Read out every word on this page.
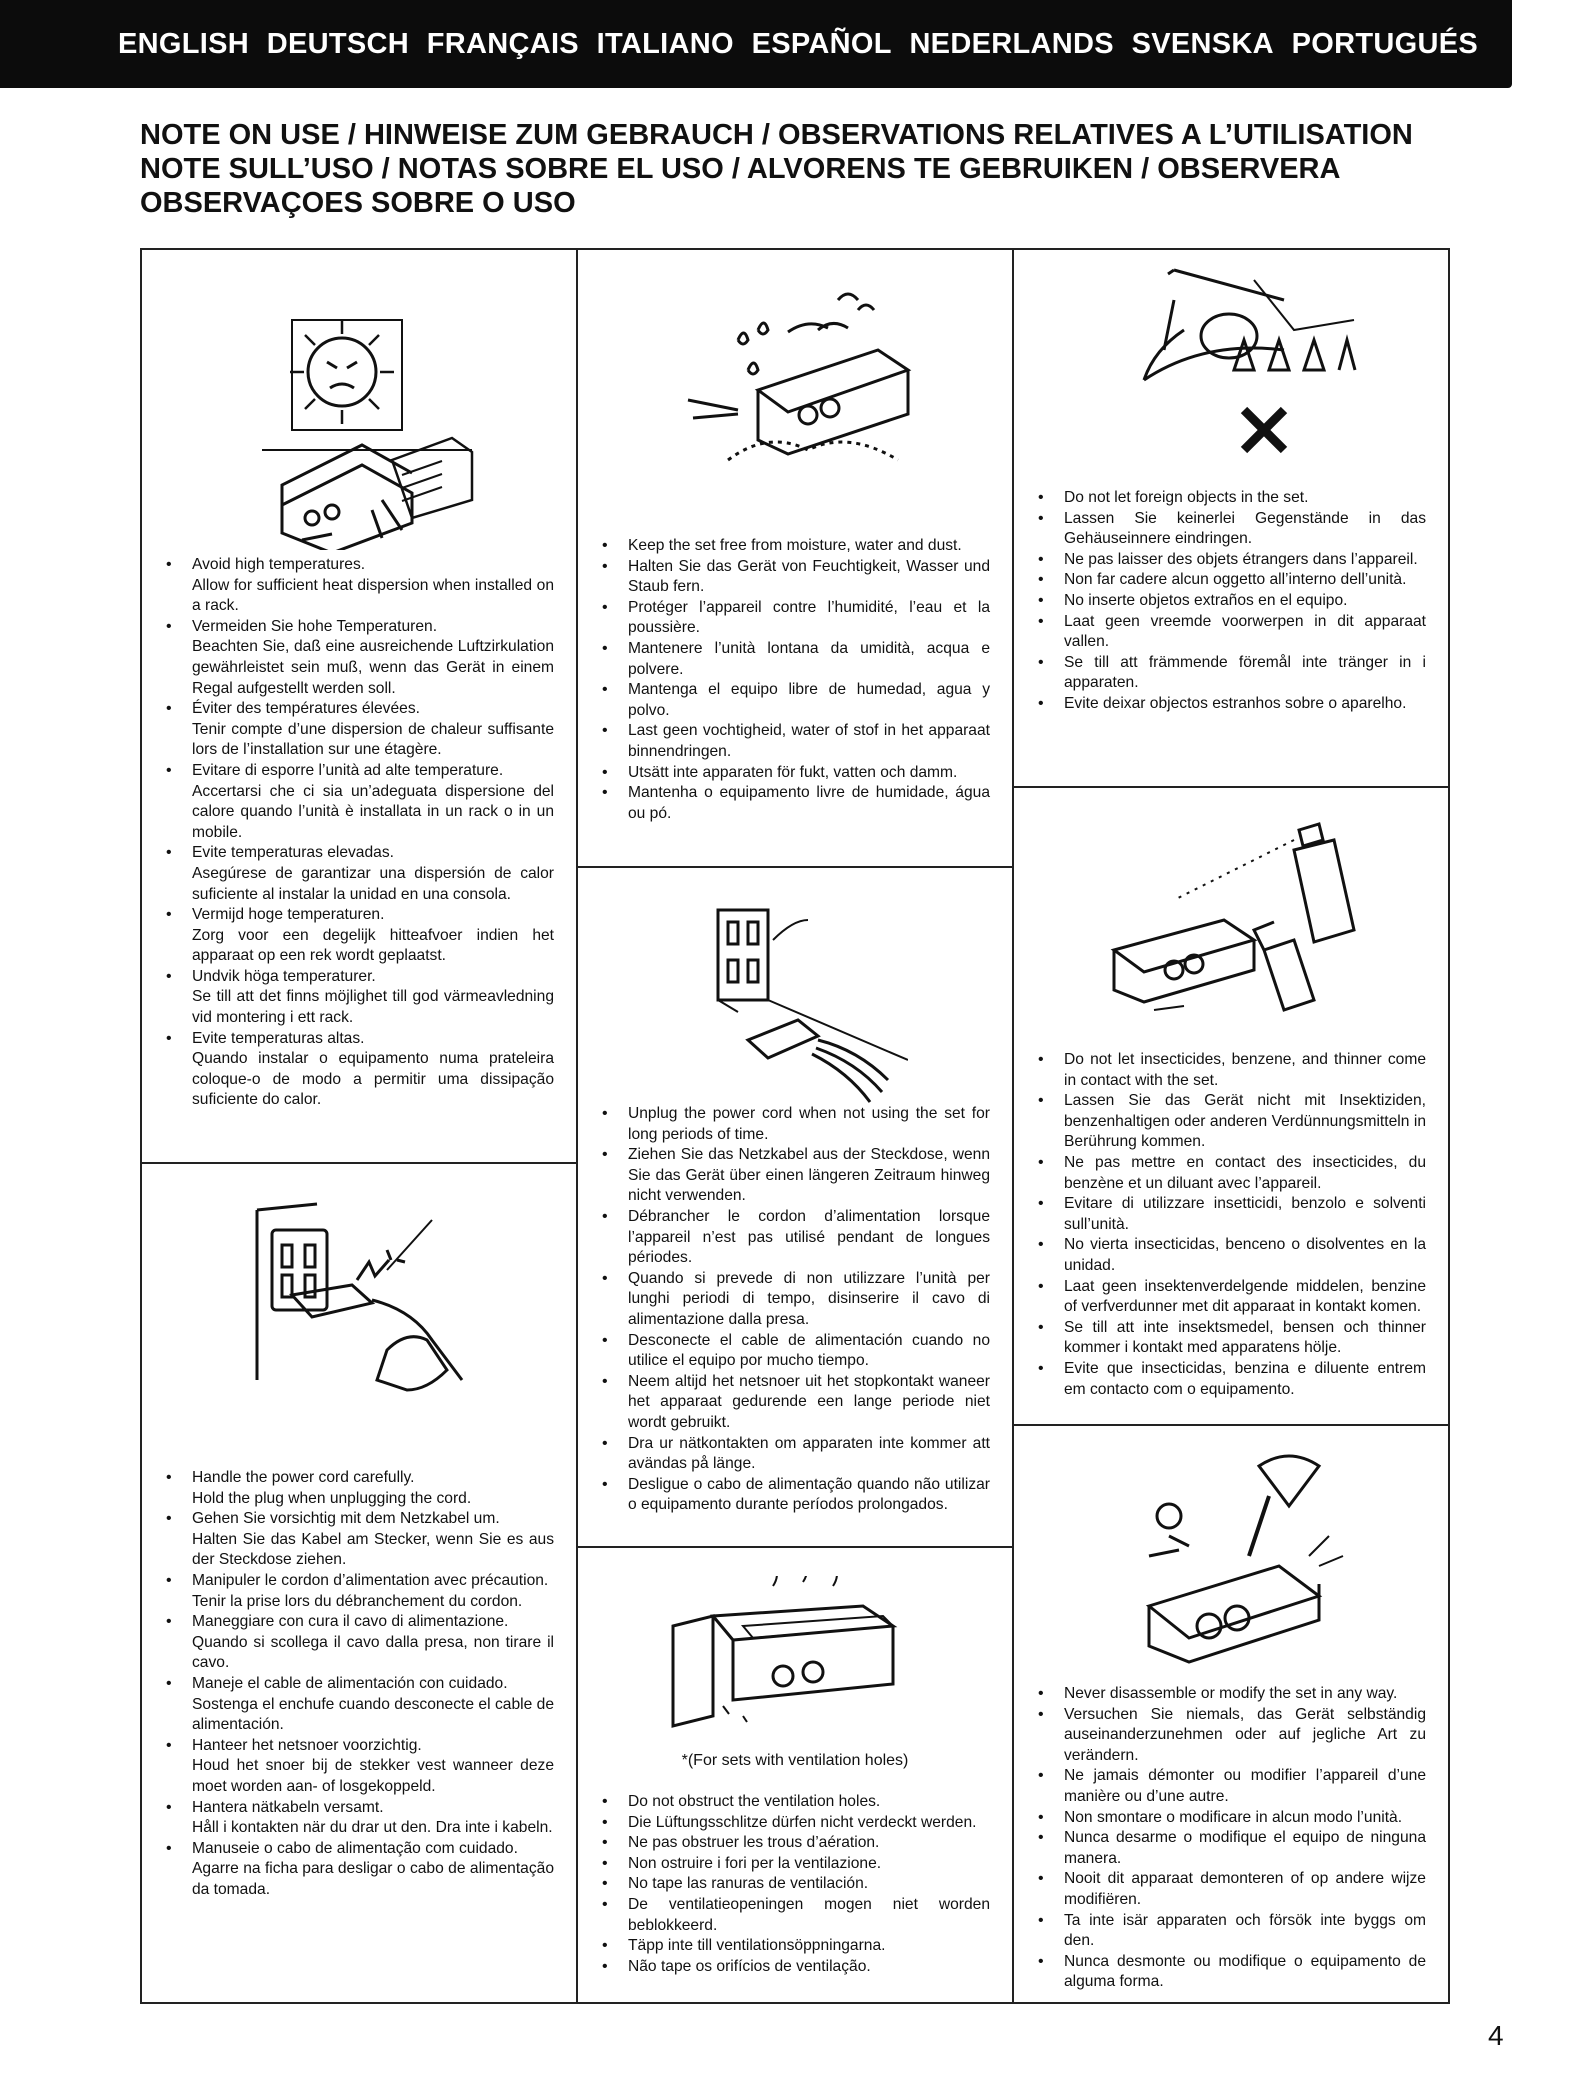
ENGLISH DEUTSCH FRANÇAIS ITALIANO ESPAÑOL NEDERLANDS SVENSKA PORTUGUÉS
NOTE ON USE / HINWEISE ZUM GEBRAUCH / OBSERVATIONS RELATIVES A L’UTILISATION
NOTE SULL’USO / NOTAS SOBRE EL USO / ALVORENS TE GEBRUIKEN / OBSERVERA
OBSERVAÇOES SOBRE O USO
• Avoid high temperatures.
Allow for sufficient heat dispersion when installed on a rack.
• Vermeiden Sie hohe Temperaturen.
Beachten Sie, daß eine ausreichende Luftzirkulation gewährleistet sein muß, wenn das Gerät in einem Regal aufgestellt werden soll.
• Éviter des températures élevées.
Tenir compte d’une dispersion de chaleur suffisante lors de l’installation sur une étagère.
• Evitare di esporre l’unità ad alte temperature.
Accertarsi che ci sia un’adeguata dispersione del calore quando l’unità è installata in un rack o in un mobile.
• Evite temperaturas elevadas.
Asegúrese de garantizar una dispersión de calor suficiente al instalar la unidad en una consola.
• Vermijd hoge temperaturen.
Zorg voor een degelijk hitteafvoer indien het apparaat op een rek wordt geplaatst.
• Undvik höga temperaturer.
Se till att det finns möjlighet till god värmeavledning vid montering i ett rack.
• Evite temperaturas altas.
Quando instalar o equipamento numa prateleira coloque-o de modo a permitir uma dissipação suficiente do calor.
• Handle the power cord carefully.
Hold the plug when unplugging the cord.
• Gehen Sie vorsichtig mit dem Netzkabel um.
Halten Sie das Kabel am Stecker, wenn Sie es aus der Steckdose ziehen.
• Manipuler le cordon d’alimentation avec précaution.
Tenir la prise lors du débranchement du cordon.
• Maneggiare con cura il cavo di alimentazione.
Quando si scollega il cavo dalla presa, non tirare il cavo.
• Maneje el cable de alimentación con cuidado.
Sostenga el enchufe cuando desconecte el cable de alimentación.
• Hanteer het netsnoer voorzichtig.
Houd het snoer bij de stekker vest wanneer deze moet worden aan- of losgekoppeld.
• Hantera nätkabeln versamt.
Håll i kontakten när du drar ut den. Dra inte i kabeln.
• Manuseie o cabo de alimentação com cuidado.
Agarre na ficha para desligar o cabo de alimentação da tomada.
• Keep the set free from moisture, water and dust.
• Halten Sie das Gerät von Feuchtigkeit, Wasser und Staub fern.
• Protéger l’appareil contre l’humidité, l’eau et la poussière.
• Mantenere l’unità lontana da umidità, acqua e polvere.
• Mantenga el equipo libre de humedad, agua y polvo.
• Last geen vochtigheid, water of stof in het apparaat binnendringen.
• Utsätt inte apparaten för fukt, vatten och damm.
• Mantenha o equipamento livre de humidade, água ou pó.
• Unplug the power cord when not using the set for long periods of time.
• Ziehen Sie das Netzkabel aus der Steckdose, wenn Sie das Gerät über einen längeren Zeitraum hinweg nicht verwenden.
• Débrancher le cordon d’alimentation lorsque l’appareil n’est pas utilisé pendant de longues périodes.
• Quando si prevede di non utilizzare l’unità per lunghi periodi di tempo, disinserire il cavo di alimentazione dalla presa.
• Desconecte el cable de alimentación cuando no utilice el equipo por mucho tiempo.
• Neem altijd het netsnoer uit het stopkontakt waneer het apparaat gedurende een lange periode niet wordt gebruikt.
• Dra ur nätkontakten om apparaten inte kommer att avändas på länge.
• Desligue o cabo de alimentação quando não utilizar o equipamento durante períodos prolongados.
*(For sets with ventilation holes)
• Do not obstruct the ventilation holes.
• Die Lüftungsschlitze dürfen nicht verdeckt werden.
• Ne pas obstruer les trous d’aération.
• Non ostruire i fori per la ventilazione.
• No tape las ranuras de ventilación.
• De ventilatieopeningen mogen niet worden beblokkeerd.
• Täpp inte till ventilationsöppningarna.
• Não tape os orifícios de ventilação.
• Do not let foreign objects in the set.
• Lassen Sie keinerlei Gegenstände in das Gehäuseinnere eindringen.
• Ne pas laisser des objets étrangers dans l’appareil.
• Non far cadere alcun oggetto all’interno dell’unità.
• No inserte objetos extraños en el equipo.
• Laat geen vreemde voorwerpen in dit apparaat vallen.
• Se till att främmende föremål inte tränger in i apparaten.
• Evite deixar objectos estranhos sobre o aparelho.
• Do not let insecticides, benzene, and thinner come in contact with the set.
• Lassen Sie das Gerät nicht mit Insektiziden, benzenhaltigen oder anderen Verdünnungsmitteln in Berührung kommen.
• Ne pas mettre en contact des insecticides, du benzène et un diluant avec l’appareil.
• Evitare di utilizzare insetticidi, benzolo e solventi sull’unità.
• No vierta insecticidas, benceno o disolventes en la unidad.
• Laat geen insektenverdelgende middelen, benzine of verfverdunner met dit apparaat in kontakt komen.
• Se till att inte insektsmedel, bensen och thinner kommer i kontakt med apparatens hölje.
• Evite que insecticidas, benzina e diluente entrem em contacto com o equipamento.
• Never disassemble or modify the set in any way.
• Versuchen Sie niemals, das Gerät selbständig auseinanderzunehmen oder auf jegliche Art zu verändern.
• Ne jamais démonter ou modifier l’appareil d’une manière ou d’une autre.
• Non smontare o modificare in alcun modo l’unità.
• Nunca desarme o modifique el equipo de ninguna manera.
• Nooit dit apparaat demonteren of op andere wijze modifiëren.
• Ta inte isär apparaten och försök inte byggs om den.
• Nunca desmonte ou modifique o equipamento de alguma forma.
4
